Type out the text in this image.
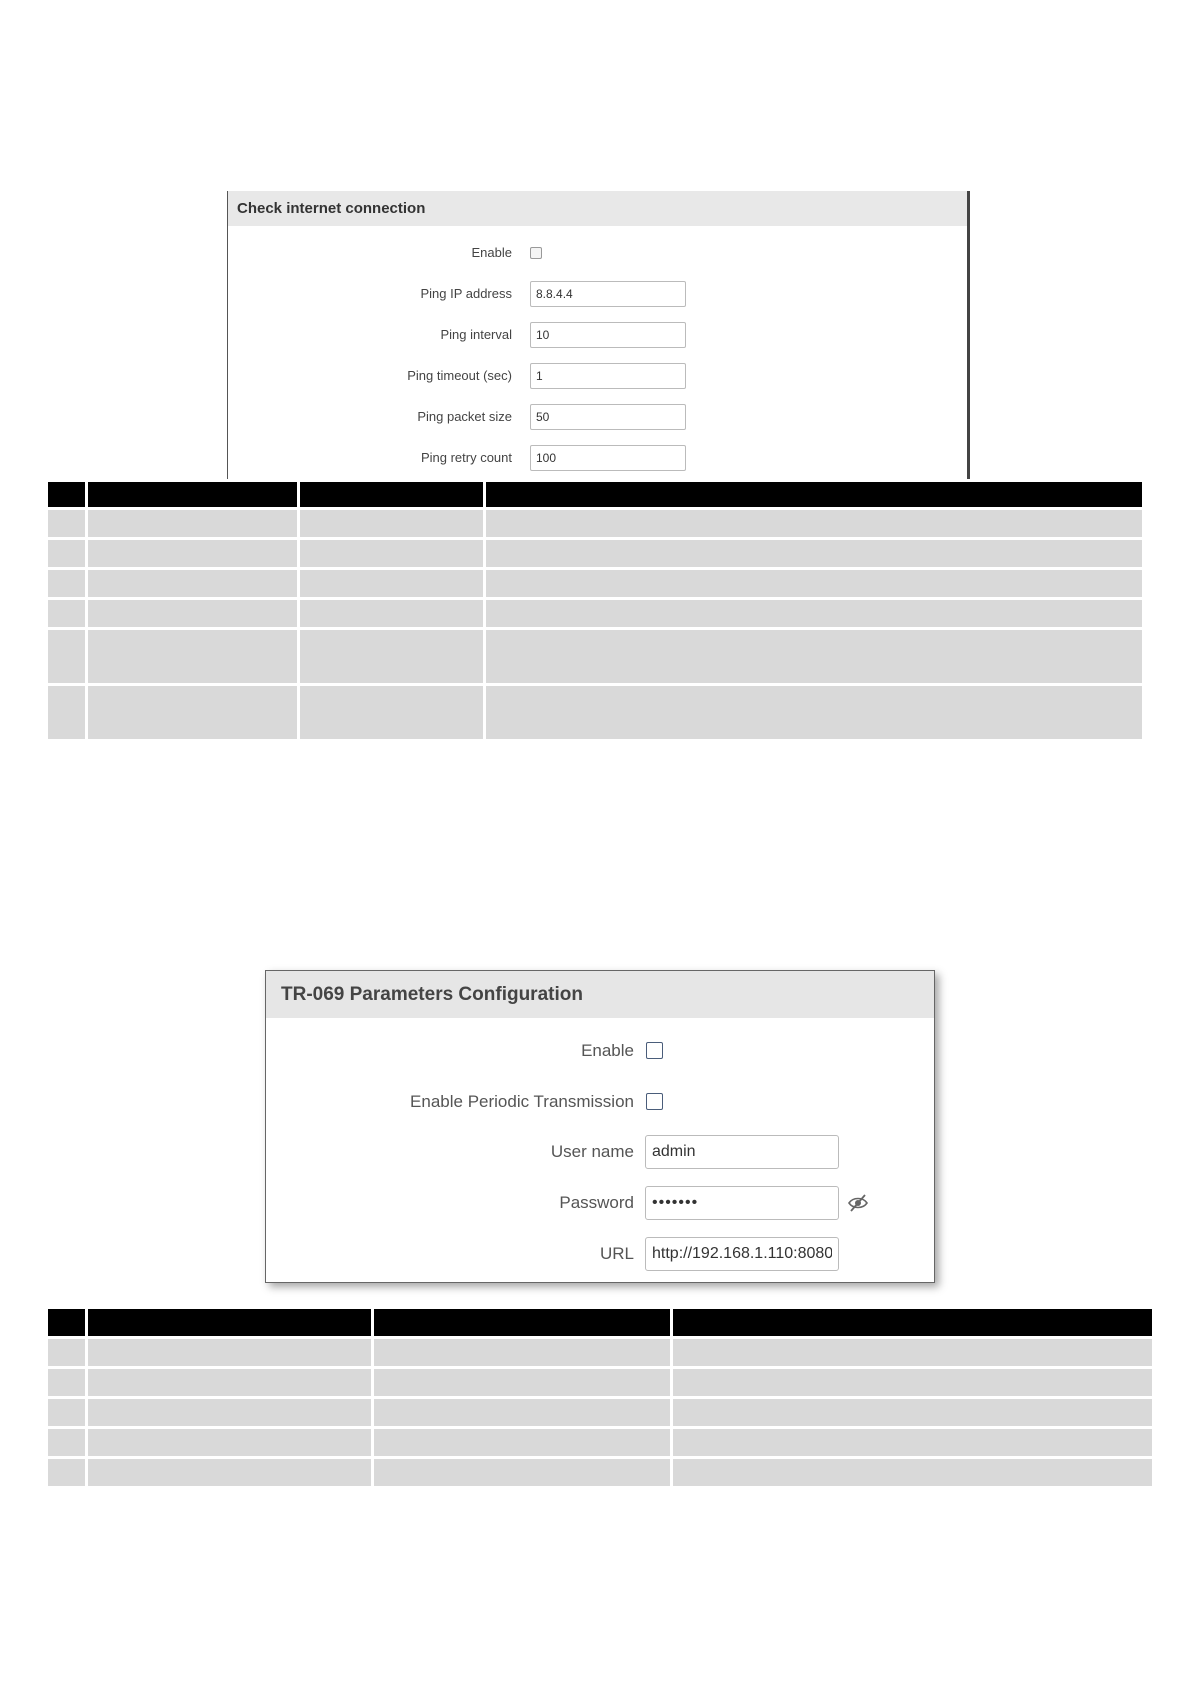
Check internet connection
Enable
Ping IP address
8.8.4.4
Ping interval
10
Ping timeout (sec)
1
Ping packet size
50
Ping retry count
100
TR-069 Parameters Configuration
Enable
Enable Periodic Transmission
User name
admin
Password
•••••••
URL
http://192.168.1.110:8080
